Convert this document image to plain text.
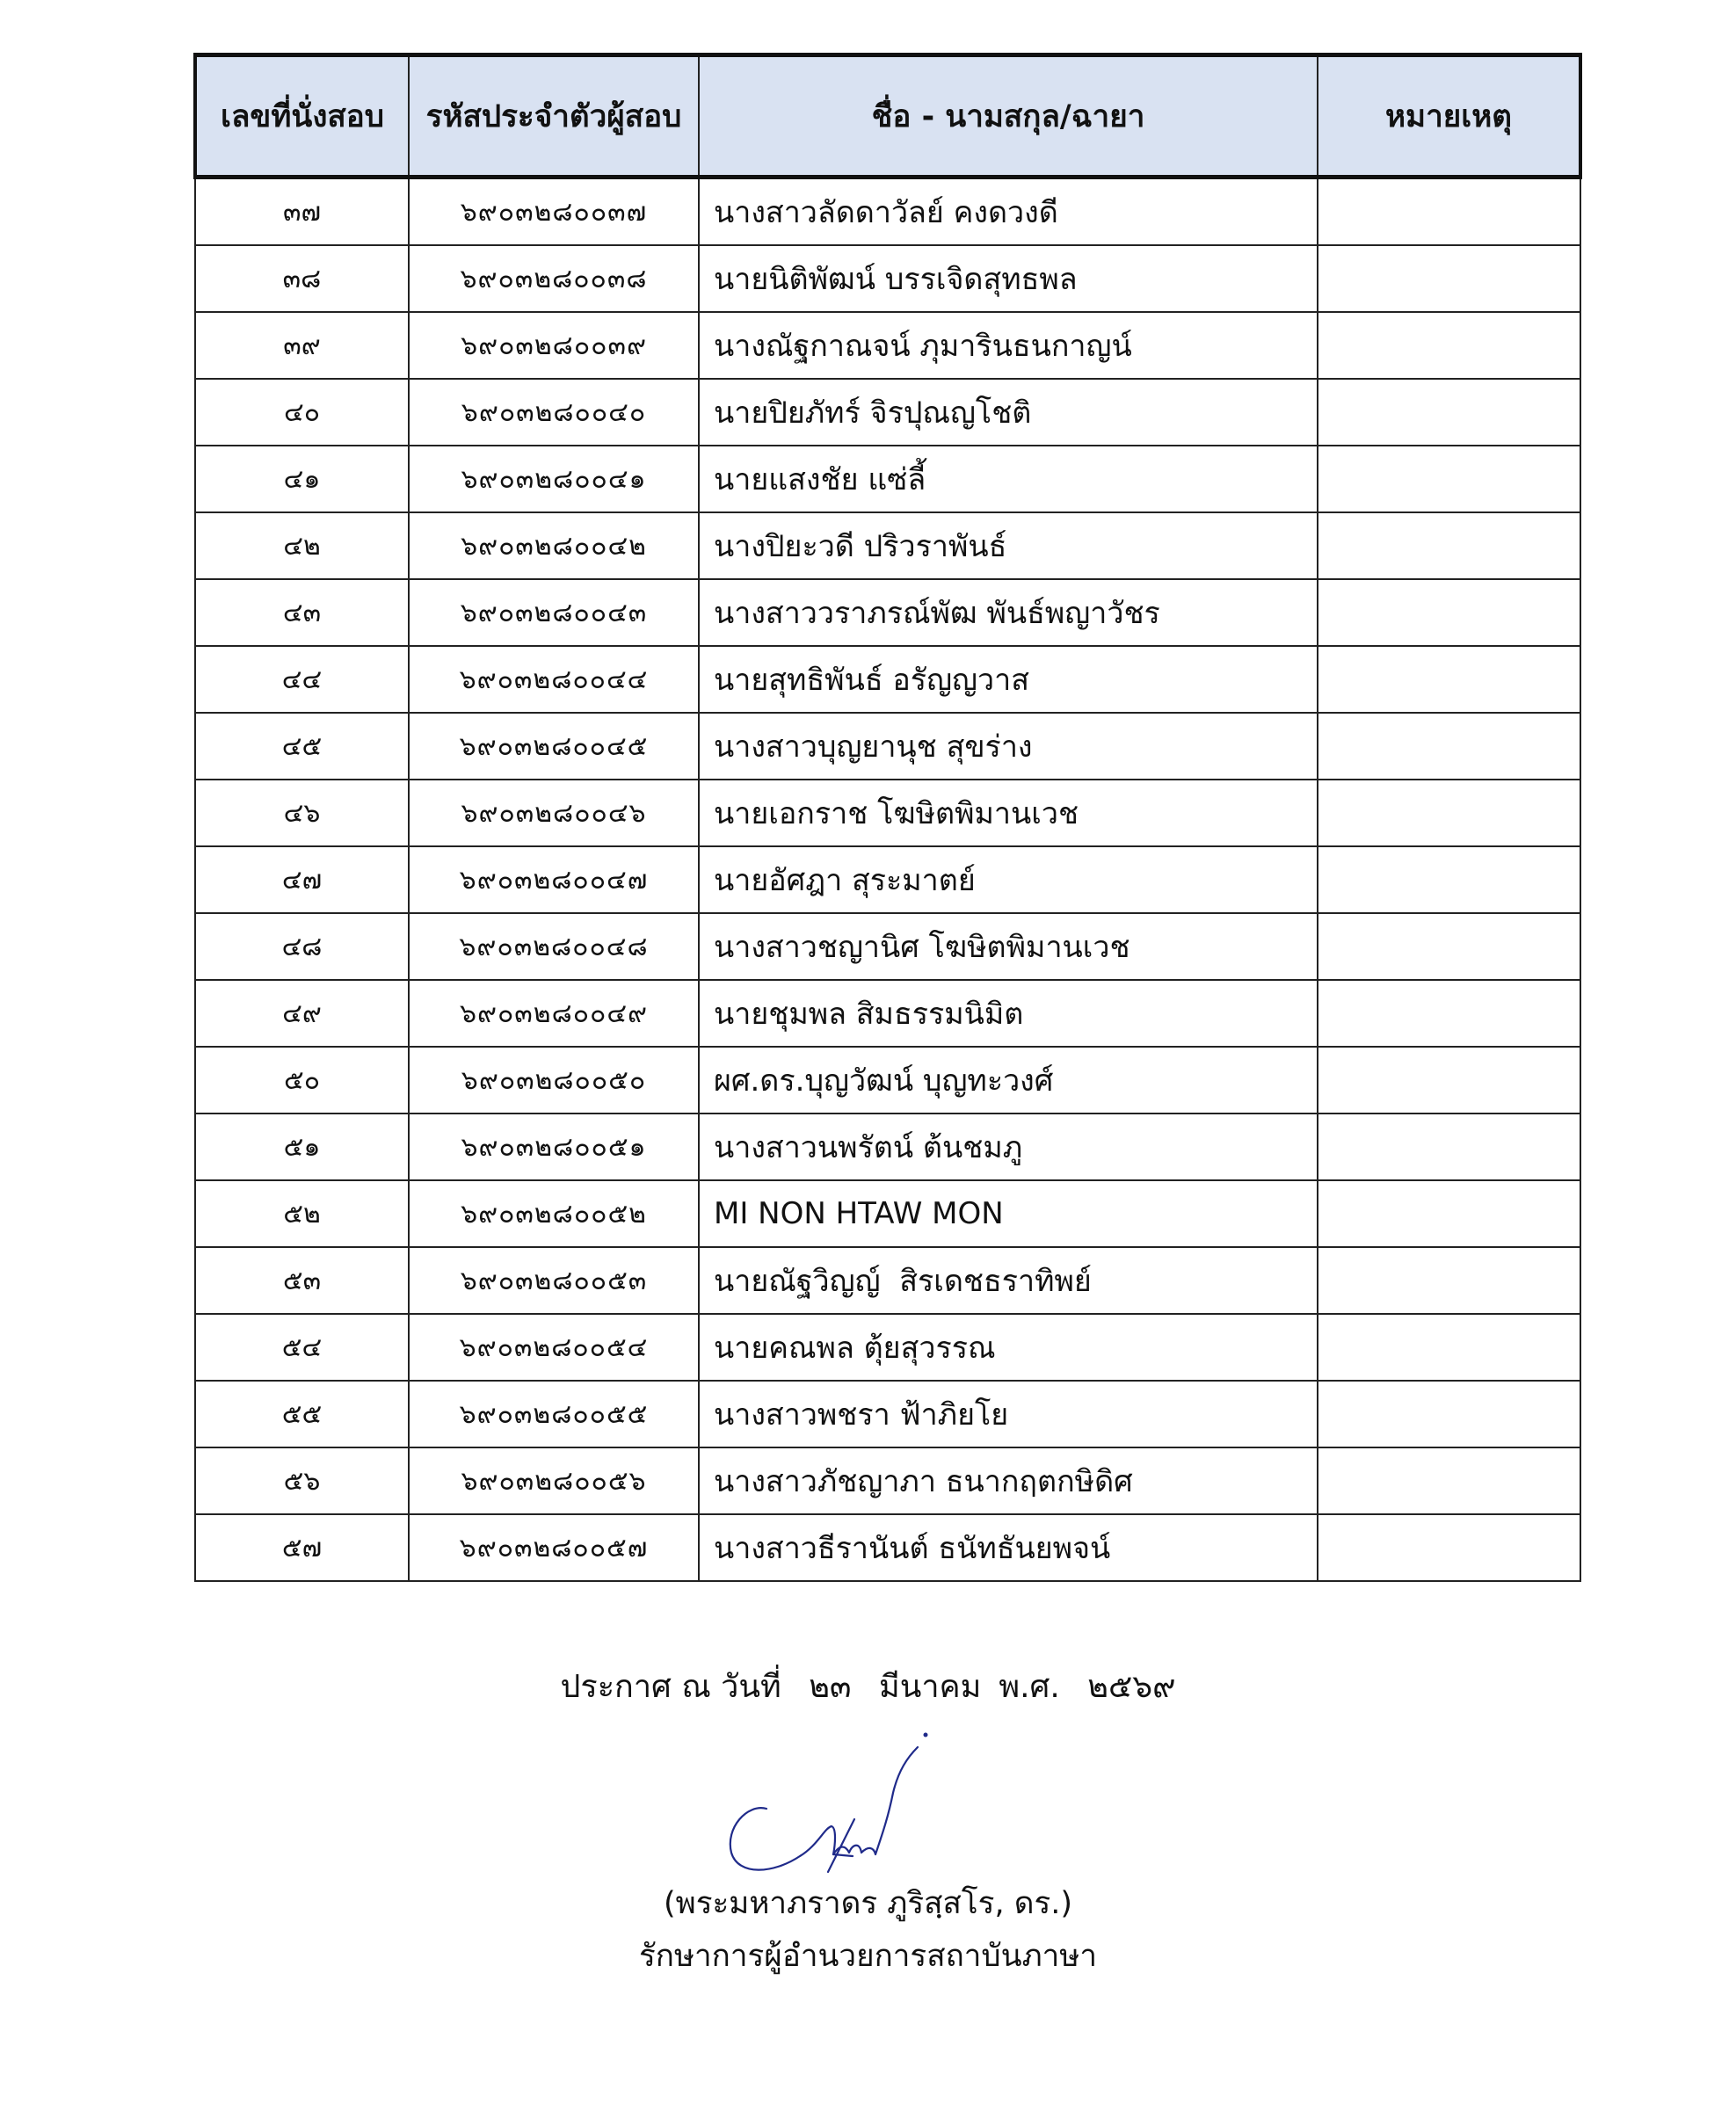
เลขที่นั่งสอบ	รหัสประจำตัวผู้สอบ	ชื่อ - นามสกุล/ฉายา	หมายเหตุ
๓๗	๖๙๐๓๒๘๐๐๓๗	นางสาวลัดดาวัลย์ คงดวงดี	
๓๘	๖๙๐๓๒๘๐๐๓๘	นายนิติพัฒน์ บรรเจิดสุทธพล	
๓๙	๖๙๐๓๒๘๐๐๓๙	นางณัฐกาณจน์ ภุมารินธนกาญน์	
๔๐	๖๙๐๓๒๘๐๐๔๐	นายปิยภัทร์ จิรปุณญโชติ	
๔๑	๖๙๐๓๒๘๐๐๔๑	นายแสงชัย แซ่ลี้	
๔๒	๖๙๐๓๒๘๐๐๔๒	นางปิยะวดี ปริวราพันธ์	
๔๓	๖๙๐๓๒๘๐๐๔๓	นางสาววราภรณ์พัฒ พันธ์พญาวัชร	
๔๔	๖๙๐๓๒๘๐๐๔๔	นายสุทธิพันธ์ อรัญญวาส	
๔๕	๖๙๐๓๒๘๐๐๔๕	นางสาวบุญยานุช สุขร่าง	
๔๖	๖๙๐๓๒๘๐๐๔๖	นายเอกราช โฆษิตพิมานเวช	
๔๗	๖๙๐๓๒๘๐๐๔๗	นายอัศฎา สุระมาตย์	
๔๘	๖๙๐๓๒๘๐๐๔๘	นางสาวชญานิศ โฆษิตพิมานเวช	
๔๙	๖๙๐๓๒๘๐๐๔๙	นายชุมพล สิมธรรมนิมิต	
๕๐	๖๙๐๓๒๘๐๐๕๐	ผศ.ดร.บุญวัฒน์ บุญทะวงศ์	
๕๑	๖๙๐๓๒๘๐๐๕๑	นางสาวนพรัตน์ ต้นชมภู	
๕๒	๖๙๐๓๒๘๐๐๕๒	MI NON HTAW MON	
๕๓	๖๙๐๓๒๘๐๐๕๓	นายณัฐวิญญ์  สิรเดชธราทิพย์	
๕๔	๖๙๐๓๒๘๐๐๕๔	นายคณพล ตุ้ยสุวรรณ	
๕๕	๖๙๐๓๒๘๐๐๕๕	นางสาวพชรา ฟ้าภิยโย	
๕๖	๖๙๐๓๒๘๐๐๕๖	นางสาวภัชญาภา ธนากฤตกษิดิศ	
๕๗	๖๙๐๓๒๘๐๐๕๗	นางสาวธีรานันต์ ธนัทธันยพจน์	
ประกาศ ณ วันที่ ๒๓ มีนาคม พ.ศ. ๒๕๖๙
(พระมหาภราดร ภูริสฺสโร, ดร.)
รักษาการผู้อำนวยการสถาบันภาษา
